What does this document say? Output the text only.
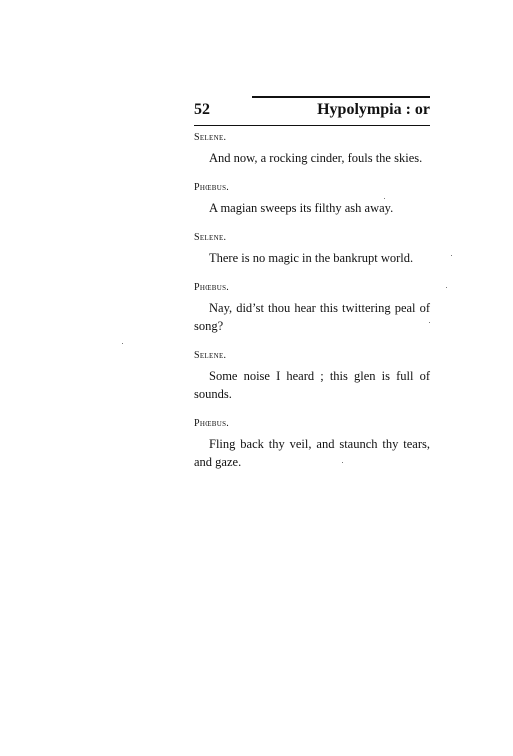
52	Hypolympia : or
Selene.

And now, a rocking cinder, fouls the skies.

Phœbus.

A magian sweeps its filthy ash away.

Selene.

There is no magic in the bankrupt world.

Phœbus.

Nay, did’st thou hear this twittering peal of song?

Selene.

Some noise I heard ; this glen is full of sounds.

Phœbus.

Fling back thy veil, and staunch thy tears, and gaze.
